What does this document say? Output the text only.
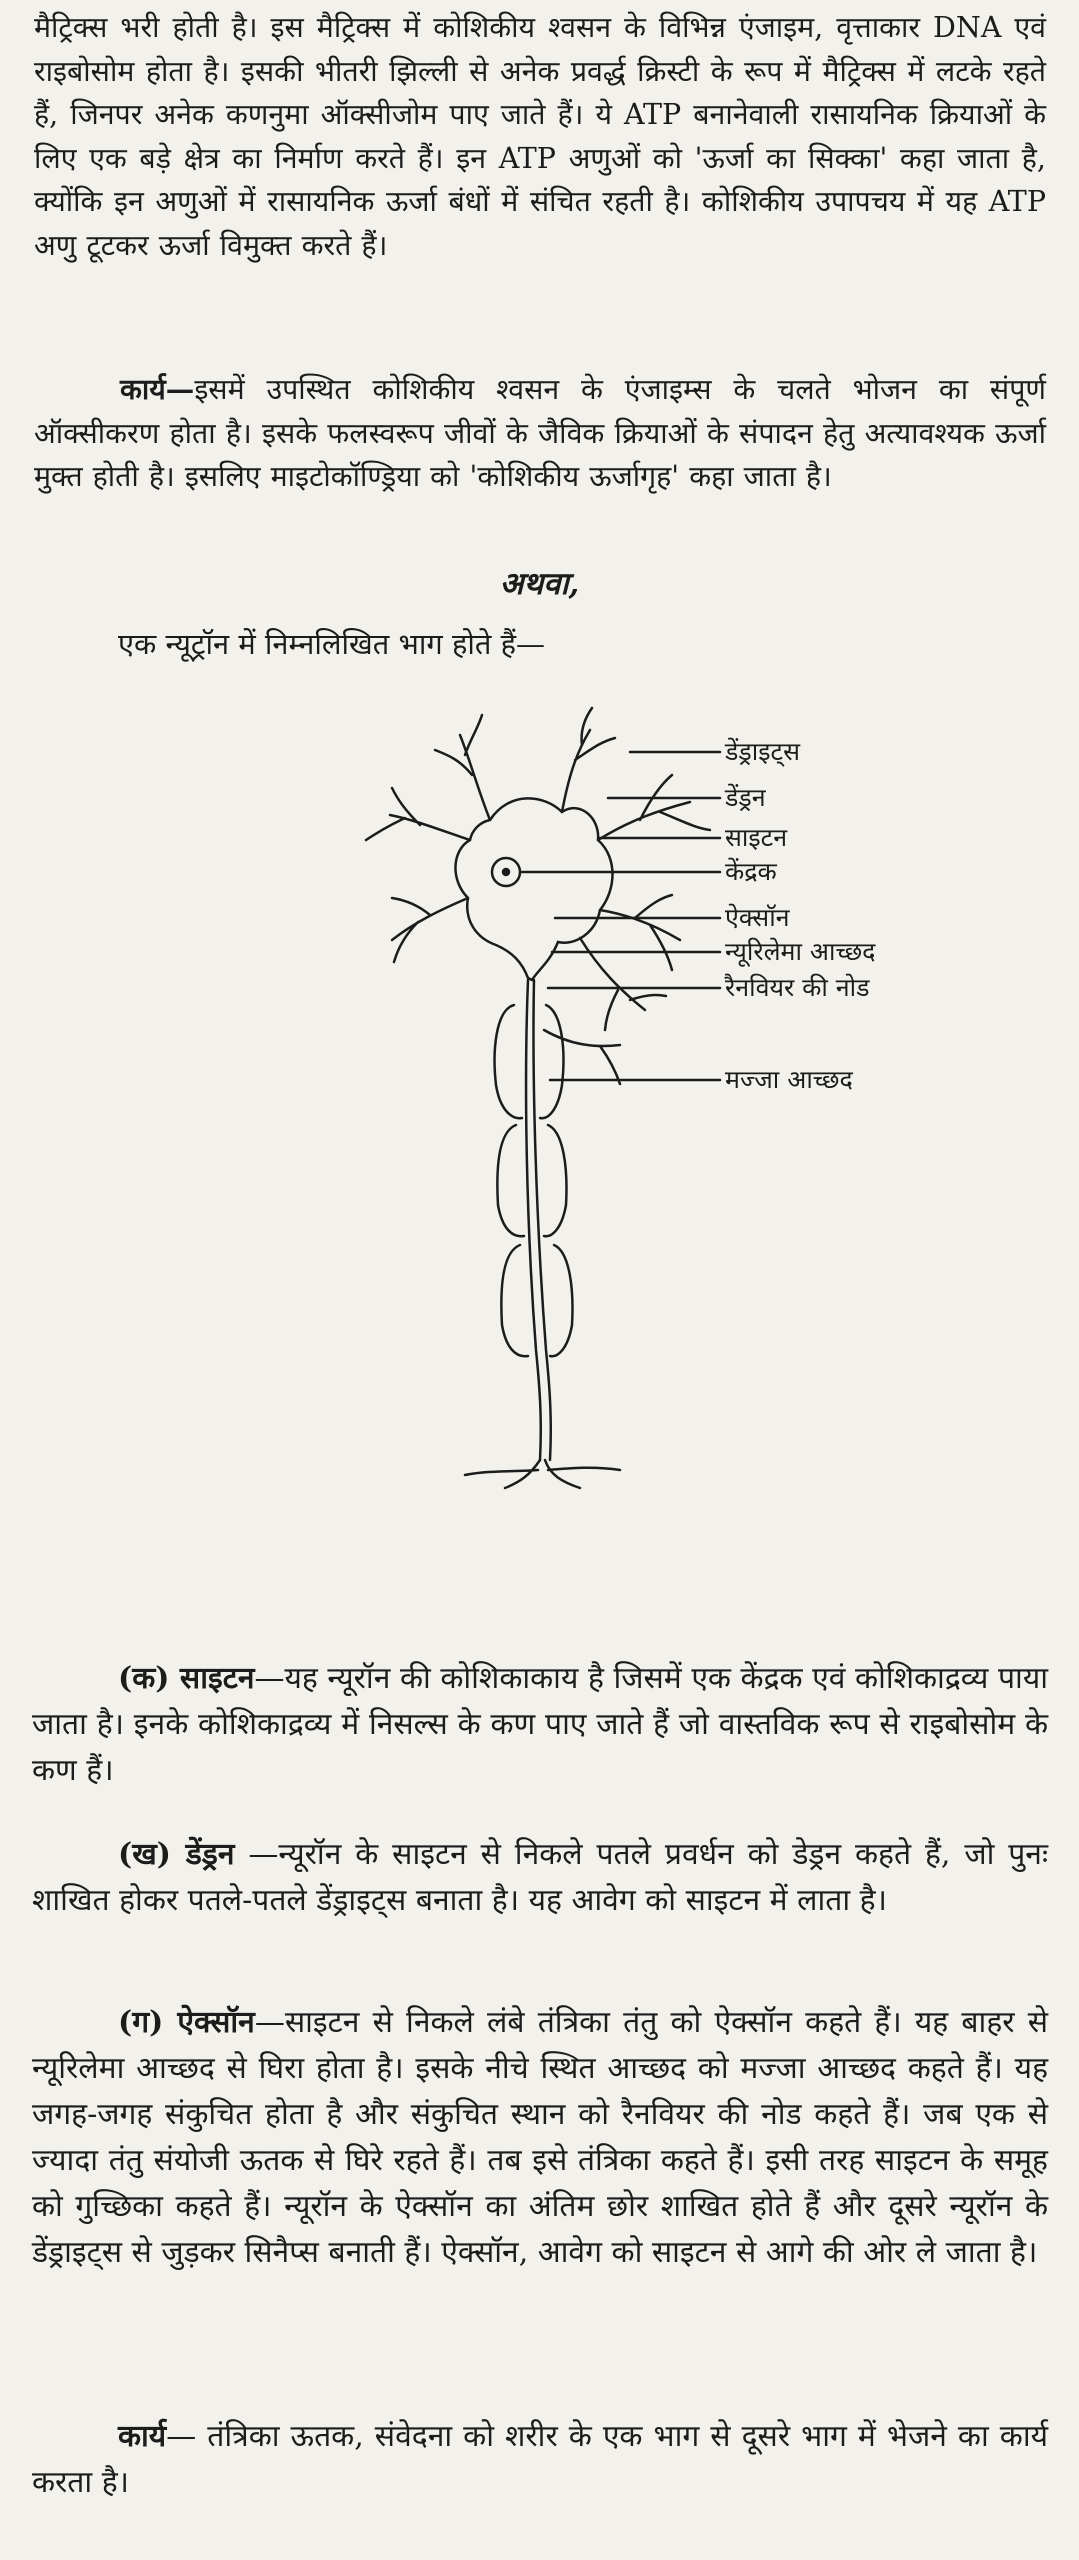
मैट्रिक्स भरी होती है। इस मैट्रिक्स में कोशिकीय श्वसन के विभिन्न एंजाइम, वृत्ताकार DNA एवं राइबोसोम होता है। इसकी भीतरी झिल्ली से अनेक प्रवर्द्ध क्रिस्टी के रूप में मैट्रिक्स में लटके रहते हैं, जिनपर अनेक कणनुमा ऑक्सीजोम पाए जाते हैं। ये ATP बनानेवाली रासायनिक क्रियाओं के लिए एक बड़े क्षेत्र का निर्माण करते हैं। इन ATP अणुओं को 'ऊर्जा का सिक्का' कहा जाता है, क्योंकि इन अणुओं में रासायनिक ऊर्जा बंधों में संचित रहती है। कोशिकीय उपापचय में यह ATP अणु टूटकर ऊर्जा विमुक्त करते हैं।
कार्य—इसमें उपस्थित कोशिकीय श्वसन के एंजाइम्स के चलते भोजन का संपूर्ण ऑक्सीकरण होता है। इसके फलस्वरूप जीवों के जैविक क्रियाओं के संपादन हेतु अत्यावश्यक ऊर्जा मुक्त होती है। इसलिए माइटोकॉण्ड्रिया को 'कोशिकीय ऊर्जागृह' कहा जाता है।
अथवा,
एक न्यूट्रॉन में निम्नलिखित भाग होते हैं—
डेंड्राइट्स
डेंड्रन
साइटन
केंद्रक
ऐक्सॉन
न्यूरिलेमा आच्छद
रैनवियर की नोड
मज्जा आच्छद
(क) साइटन—यह न्यूरॉन की कोशिकाकाय है जिसमें एक केंद्रक एवं कोशिकाद्रव्य पाया जाता है। इनके कोशिकाद्रव्य में निसल्स के कण पाए जाते हैं जो वास्तविक रूप से राइबोसोम के कण हैं।
(ख) डेंड्रन —न्यूरॉन के साइटन से निकले पतले प्रवर्धन को डेड्रन कहते हैं, जो पुनः शाखित होकर पतले-पतले डेंड्राइट्स बनाता है। यह आवेग को साइटन में लाता है।
(ग) ऐक्सॉन—साइटन से निकले लंबे तंत्रिका तंतु को ऐक्सॉन कहते हैं। यह बाहर से न्यूरिलेमा आच्छद से घिरा होता है। इसके नीचे स्थित आच्छद को मज्जा आच्छद कहते हैं। यह जगह-जगह संकुचित होता है और संकुचित स्थान को रैनवियर की नोड कहते हैं। जब एक से ज्यादा तंतु संयोजी ऊतक से घिरे रहते हैं। तब इसे तंत्रिका कहते हैं। इसी तरह साइटन के समूह को गुच्छिका कहते हैं। न्यूरॉन के ऐक्सॉन का अंतिम छोर शाखित होते हैं और दूसरे न्यूरॉन के डेंड्राइट्स से जुड़कर सिनैप्स बनाती हैं। ऐक्सॉन, आवेग को साइटन से आगे की ओर ले जाता है।
कार्य— तंत्रिका ऊतक, संवेदना को शरीर के एक भाग से दूसरे भाग में भेजने का कार्य करता है।
